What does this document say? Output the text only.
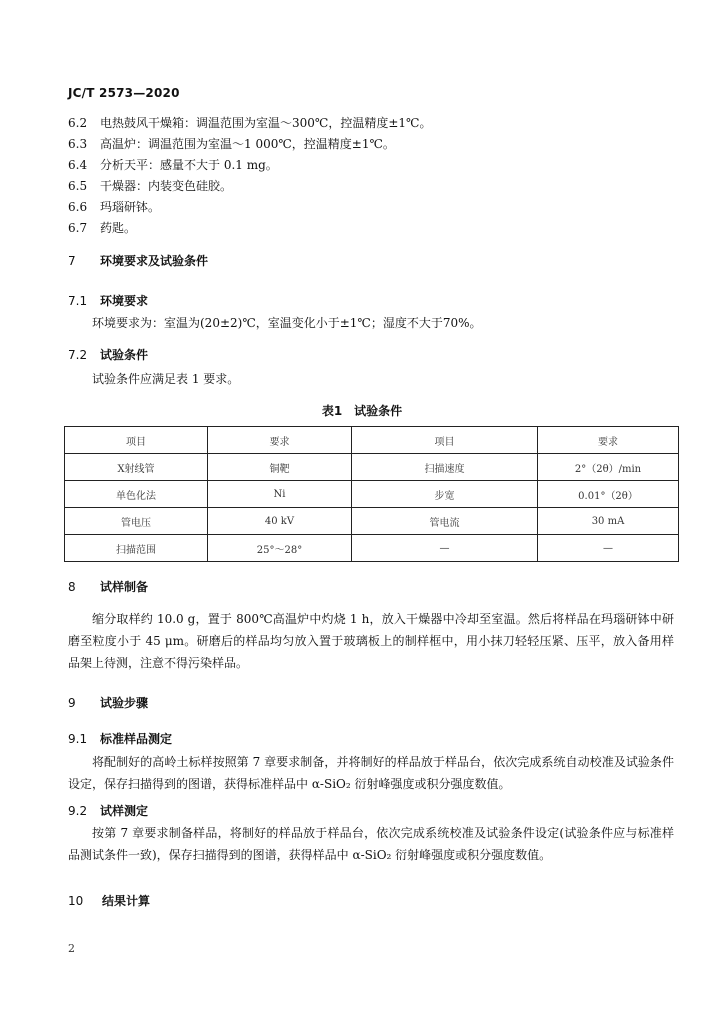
JC/T 2573—2020
6.2 电热鼓风干燥箱：调温范围为室温～300℃，控温精度±1℃。
6.3 高温炉：调温范围为室温～1 000℃，控温精度±1℃。
6.4 分析天平：感量不大于 0.1 mg。
6.5 干燥器：内装变色硅胶。
6.6 玛瑙研钵。
6.7 药匙。
7 环境要求及试验条件
7.1 环境要求
环境要求为：室温为(20±2)℃，室温变化小于±1℃；湿度不大于70%。
7.2 试验条件
试验条件应满足表 1 要求。
表1　试验条件
项目	要求	项目	要求
X射线管	铜靶	扫描速度	2°（2θ）/min
单色化法	Ni	步宽	0.01°（2θ）
管电压	40 kV	管电流	30 mA
扫描范围	25°～28°	—	—
8 试样制备
缩分取样约 10.0 g，置于 800℃高温炉中灼烧 1 h，放入干燥器中冷却至室温。然后将样品在玛瑙研钵中研磨至粒度小于 45 μm。研磨后的样品均匀放入置于玻璃板上的制样框中，用小抹刀轻轻压紧、压平，放入备用样品架上待测，注意不得污染样品。
9 试验步骤
9.1 标准样品测定
将配制好的高岭土标样按照第 7 章要求制备，并将制好的样品放于样品台，依次完成系统自动校准及试验条件设定，保存扫描得到的图谱，获得标准样品中 α-SiO₂ 衍射峰强度或积分强度数值。
9.2 试样测定
按第 7 章要求制备样品，将制好的样品放于样品台，依次完成系统校准及试验条件设定(试验条件应与标准样品测试条件一致)，保存扫描得到的图谱，获得样品中 α-SiO₂ 衍射峰强度或积分强度数值。
10 结果计算
2
